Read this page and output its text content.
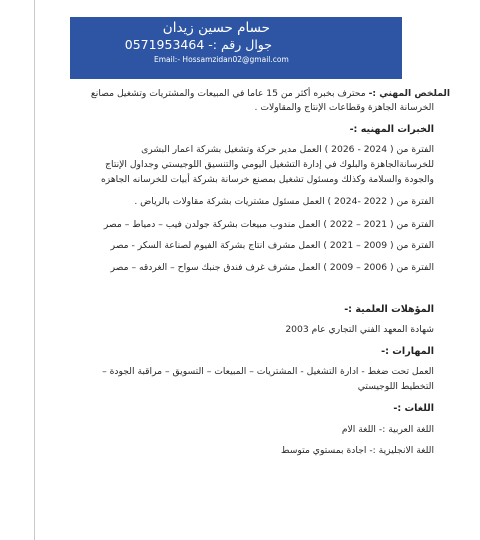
حسام حسين زيدان
جوال رقم :- 0571953464
Email:- Hossamzidan02@gmail.com
الملخص المهني :- محترف بخبره أكثر من 15 عاما في المبيعات والمشتريات وتشغيل مصانع
الخرسانة الجاهزة وقطاعات الإنتاج والمقاولات .
الخبرات المهنيه :-
الفترة من ( 2024 - 2026 ) العمل مدير حركة وتشغيل بشركة اعمار البشرى
للخرسانةالجاهزة والبلوك في إدارة التشغيل اليومي والتنسيق اللوجيستي وجداول الإنتاج
والجودة والسلامة وكذلك ومسئول تشغيل بمصنع خرسانة بشركة أبيات للخرسانه الجاهزه
الفترة من ( 2022 -2024 ) العمل مسئول مشتريات بشركة مقاولات بالرياض .
الفترة من ( 2021 – 2022 ) العمل مندوب مبيعات بشركة جولدن فيب – دمياط – مصر
الفترة من ( 2009 – 2021 ) العمل مشرف انتاج بشركة الفيوم لصناعة السكر - مصر
الفترة من ( 2006 – 2009 ) العمل مشرف غرف فندق جنبك سواح – الغردقه – مصر
المؤهلات العلمية :-
شهادة المعهد الفني التجاري عام 2003
المهارات :-
العمل تحت ضغط - ادارة التشغيل - المشتريات – المبيعات – التسويق – مراقبة الجودة –
التخطيط اللوجيستي
اللغات :-
اللغة العربية :- اللغة الام
اللغة الانجليزية :- اجادة بمستوي متوسط
